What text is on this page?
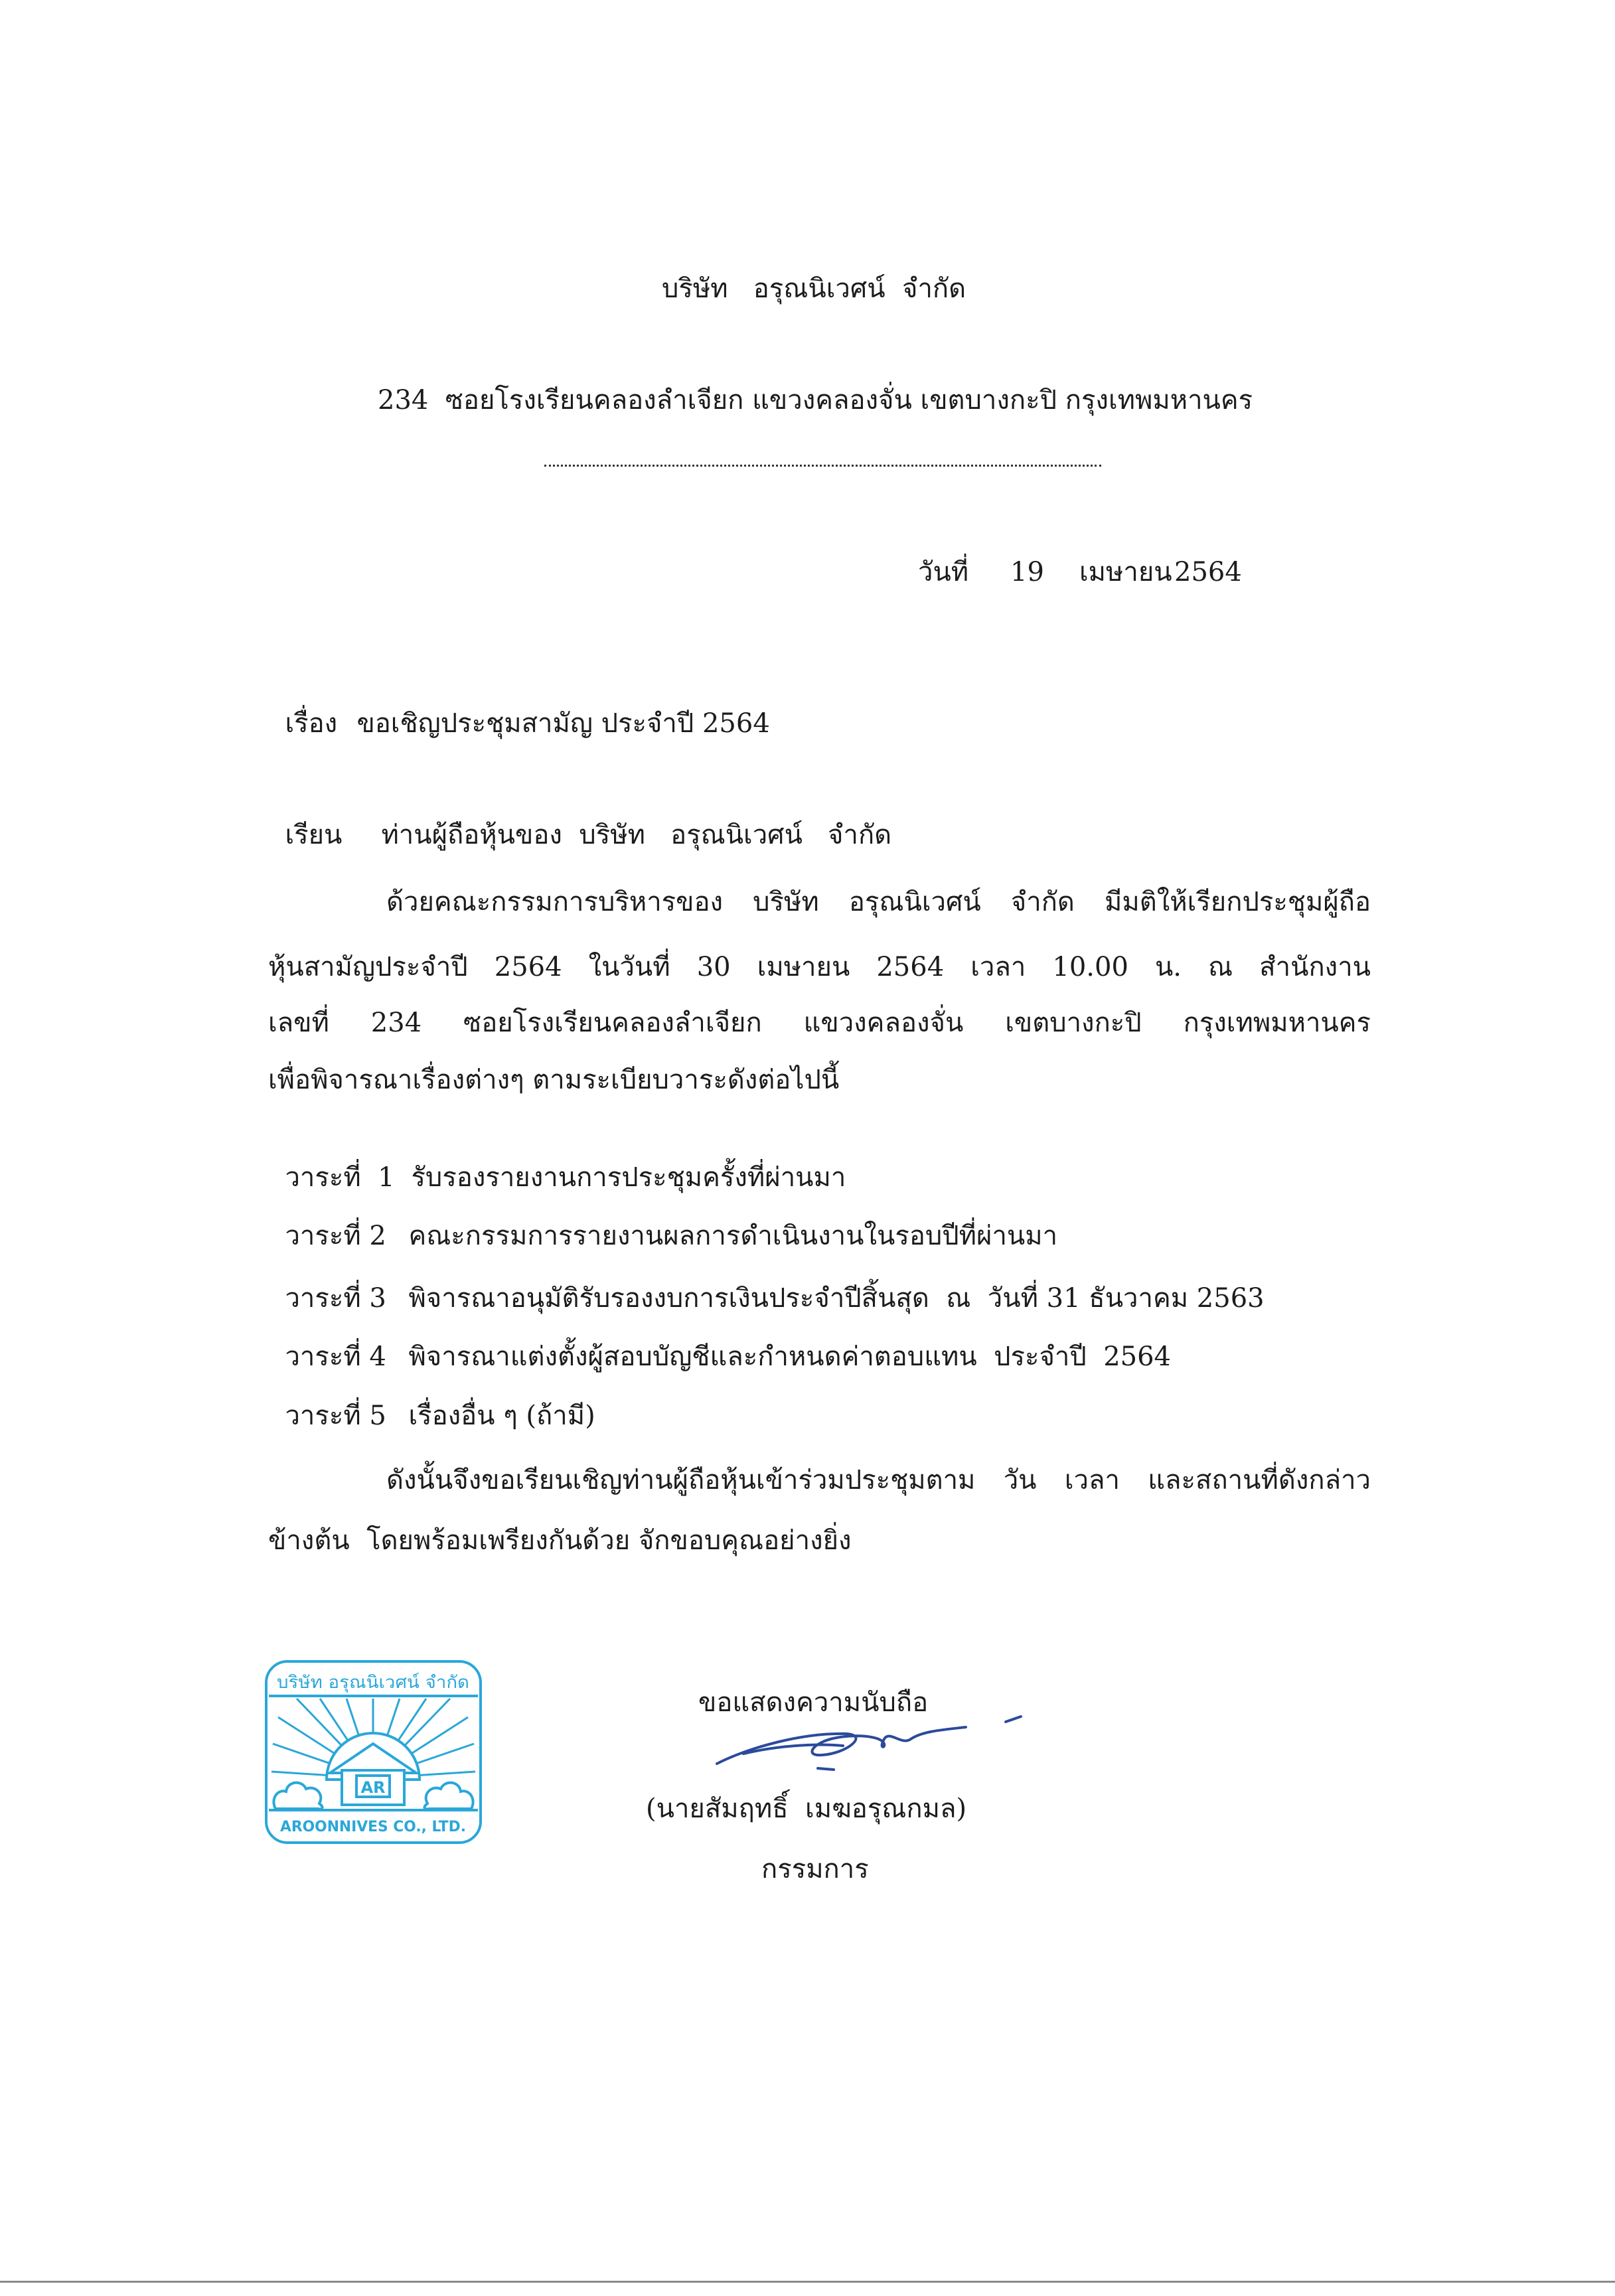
บริษัท   อรุณนิเวศน์  จำกัด
234  ซอยโรงเรียนคลองลำเจียก แขวงคลองจั่น เขตบางกะปิ กรุงเทพมหานคร
วันที่ 19 เมษายน 2564

เรื่อง ขอเชิญประชุมสามัญ ประจำปี 2564

เรียน ท่านผู้ถือหุ้นของ  บริษัท   อรุณนิเวศน์   จำกัด

ด้วยคณะกรรมการบริหารของ บริษัท อรุณนิเวศน์ จำกัด มีมติให้เรียกประชุมผู้ถือ
หุ้นสามัญประจำปี 2564 ในวันที่ 30 เมษายน 2564 เวลา 10.00 น. ณ สำนักงาน
เลขที่ 234 ซอยโรงเรียนคลองลำเจียก แขวงคลองจั่น เขตบางกะปิ กรุงเทพมหานคร
เพื่อพิจารณาเรื่องต่างๆ ตามระเบียบวาระดังต่อไปนี้

วาระที่  1 รับรองรายงานการประชุมครั้งที่ผ่านมา

วาระที่ 2 คณะกรรมการรายงานผลการดำเนินงานในรอบปีที่ผ่านมา

วาระที่ 3 พิจารณาอนุมัติรับรองงบการเงินประจำปีสิ้นสุด  ณ  วันที่ 31 ธันวาคม 2563

วาระที่ 4 พิจารณาแต่งตั้งผู้สอบบัญชีและกำหนดค่าตอบแทน  ประจำปี  2564

วาระที่ 5 เรื่องอื่น ๆ (ถ้ามี)

ดังนั้นจึงขอเรียนเชิญท่านผู้ถือหุ้นเข้าร่วมประชุมตาม วัน เวลา และสถานที่ดังกล่าว
ข้างต้น  โดยพร้อมเพรียงกันด้วย จักขอบคุณอย่างยิ่ง
บริษัท อรุณนิเวศน์ จำกัด
AR
AROONNIVES CO., LTD.
ขอแสดงความนับถือ
(นายสัมฤทธิ์  เมฆอรุณกมล)
กรรมการ
